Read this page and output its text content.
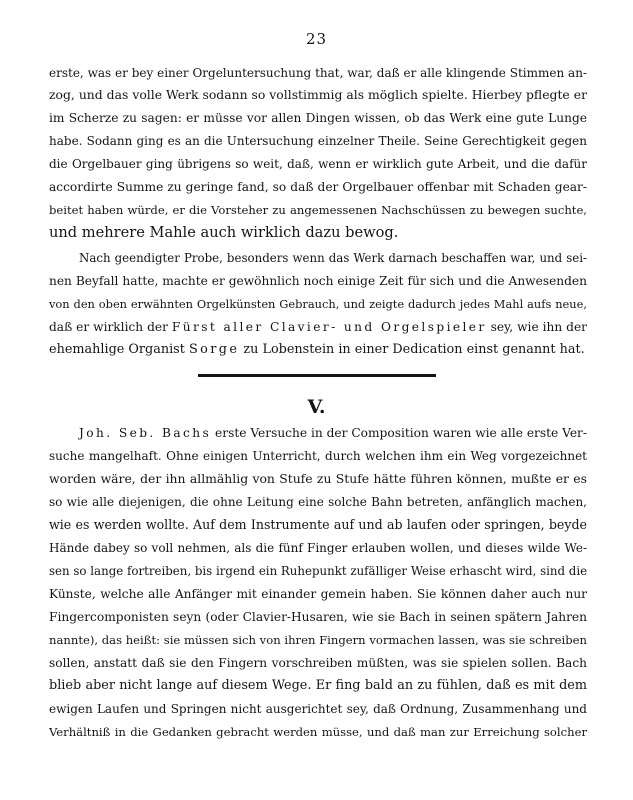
23
erste, was er bey einer Orgeluntersuchung that, war, daß er alle klingende Stimmen an-
zog, und das volle Werk sodann so vollstimmig als möglich spielte. Hierbey pflegte er
im Scherze zu sagen: er müsse vor allen Dingen wissen, ob das Werk eine gute Lunge
habe. Sodann ging es an die Untersuchung einzelner Theile. Seine Gerechtigkeit gegen
die Orgelbauer ging übrigens so weit, daß, wenn er wirklich gute Arbeit, und die dafür
accordirte Summe zu geringe fand, so daß der Orgelbauer offenbar mit Schaden gear-
beitet haben würde, er die Vorsteher zu angemessenen Nachschüssen zu bewegen suchte,
und mehrere Mahle auch wirklich dazu bewog.
Nach geendigter Probe, besonders wenn das Werk darnach beschaffen war, und sei-
nen Beyfall hatte, machte er gewöhnlich noch einige Zeit für sich und die Anwesenden
von den oben erwähnten Orgelkünsten Gebrauch, und zeigte dadurch jedes Mahl aufs neue,
daß er wirklich der Fürst aller Clavier- und Orgelspieler sey, wie ihn der
ehemahlige Organist Sorge zu Lobenstein in einer Dedication einst genannt hat.
V.
Joh. Seb. Bachs erste Versuche in der Composition waren wie alle erste Ver-
suche mangelhaft. Ohne einigen Unterricht, durch welchen ihm ein Weg vorgezeichnet
worden wäre, der ihn allmählig von Stufe zu Stufe hätte führen können, mußte er es
so wie alle diejenigen, die ohne Leitung eine solche Bahn betreten, anfänglich machen,
wie es werden wollte. Auf dem Instrumente auf und ab laufen oder springen, beyde
Hände dabey so voll nehmen, als die fünf Finger erlauben wollen, und dieses wilde We-
sen so lange fortreiben, bis irgend ein Ruhepunkt zufälliger Weise erhascht wird, sind die
Künste, welche alle Anfänger mit einander gemein haben. Sie können daher auch nur
Fingercomponisten seyn (oder Clavier-Husaren, wie sie Bach in seinen spätern Jahren
nannte), das heißt: sie müssen sich von ihren Fingern vormachen lassen, was sie schreiben
sollen, anstatt daß sie den Fingern vorschreiben müßten, was sie spielen sollen. Bach
blieb aber nicht lange auf diesem Wege. Er fing bald an zu fühlen, daß es mit dem
ewigen Laufen und Springen nicht ausgerichtet sey, daß Ordnung, Zusammenhang und
Verhältniß in die Gedanken gebracht werden müsse, und daß man zur Erreichung solcher
